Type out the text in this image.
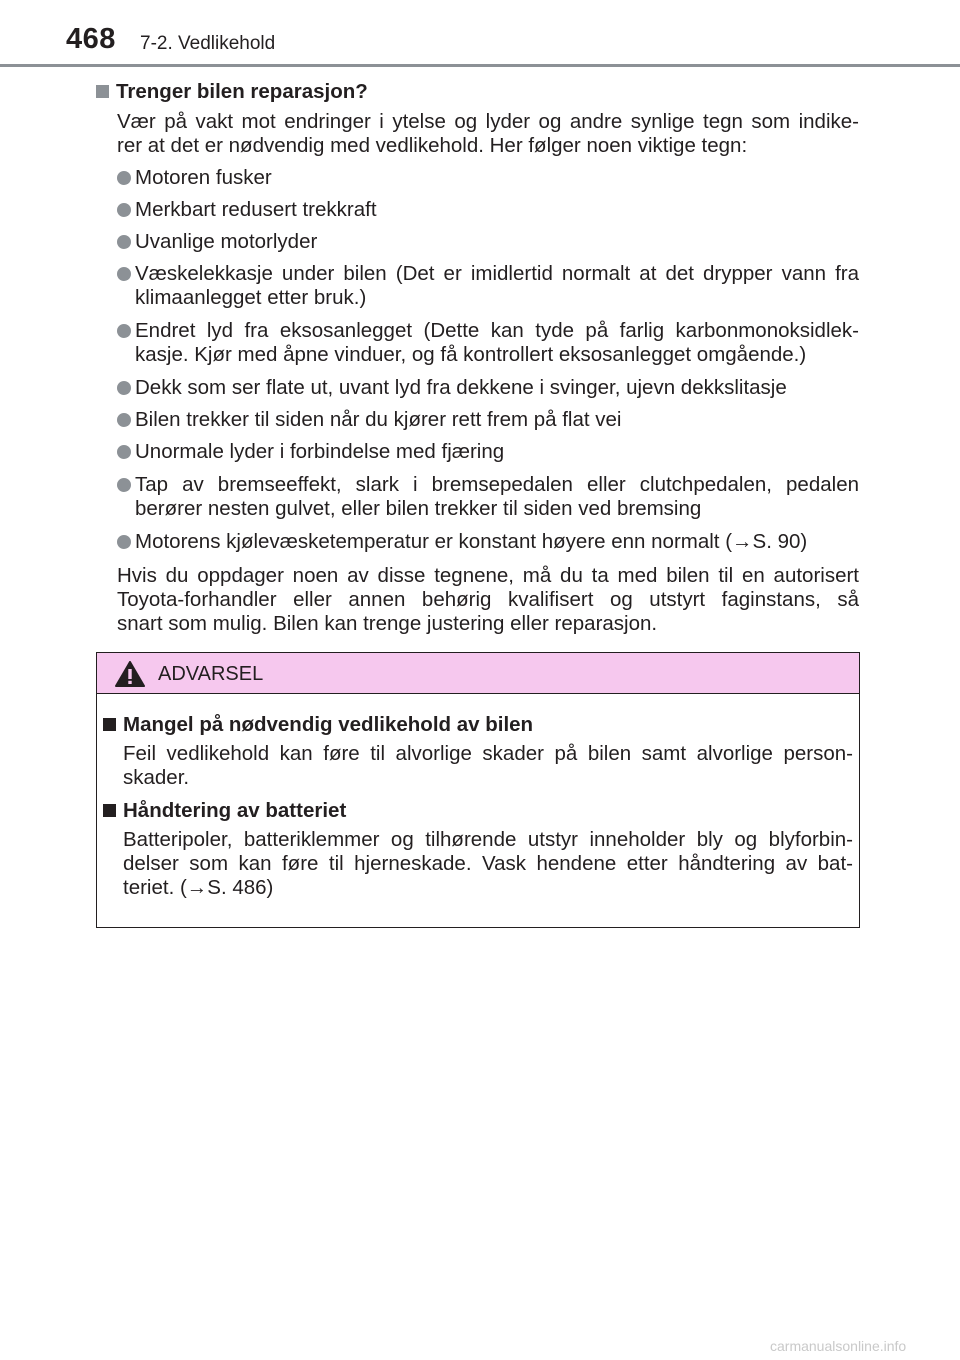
468 7-2. Vedlikehold
Trenger bilen reparasjon?
Vær på vakt mot endringer i ytelse og lyder og andre synlige tegn som indike-
rer at det er nødvendig med vedlikehold. Her følger noen viktige tegn:
Motoren fusker
Merkbart redusert trekkraft
Uvanlige motorlyder
Væskelekkasje under bilen (Det er imidlertid normalt at det drypper vann fra
klimaanlegget etter bruk.)
Endret lyd fra eksosanlegget (Dette kan tyde på farlig karbonmonoksidlek-
kasje. Kjør med åpne vinduer, og få kontrollert eksosanlegget omgående.)
Dekk som ser flate ut, uvant lyd fra dekkene i svinger, ujevn dekkslitasje
Bilen trekker til siden når du kjører rett frem på flat vei
Unormale lyder i forbindelse med fjæring
Tap av bremseeffekt, slark i bremsepedalen eller clutchpedalen, pedalen
berører nesten gulvet, eller bilen trekker til siden ved bremsing
Motorens kjølevæsketemperatur er konstant høyere enn normalt (→S. 90)
Hvis du oppdager noen av disse tegnene, må du ta med bilen til en autorisert
Toyota-forhandler eller annen behørig kvalifisert og utstyrt faginstans, så
snart som mulig. Bilen kan trenge justering eller reparasjon.
ADVARSEL
Mangel på nødvendig vedlikehold av bilen
Feil vedlikehold kan føre til alvorlige skader på bilen samt alvorlige person-
skader.
Håndtering av batteriet
Batteripoler, batteriklemmer og tilhørende utstyr inneholder bly og blyforbin-
delser som kan føre til hjerneskade. Vask hendene etter håndtering av bat-
teriet. (→S. 486)
carmanualsonline.info
